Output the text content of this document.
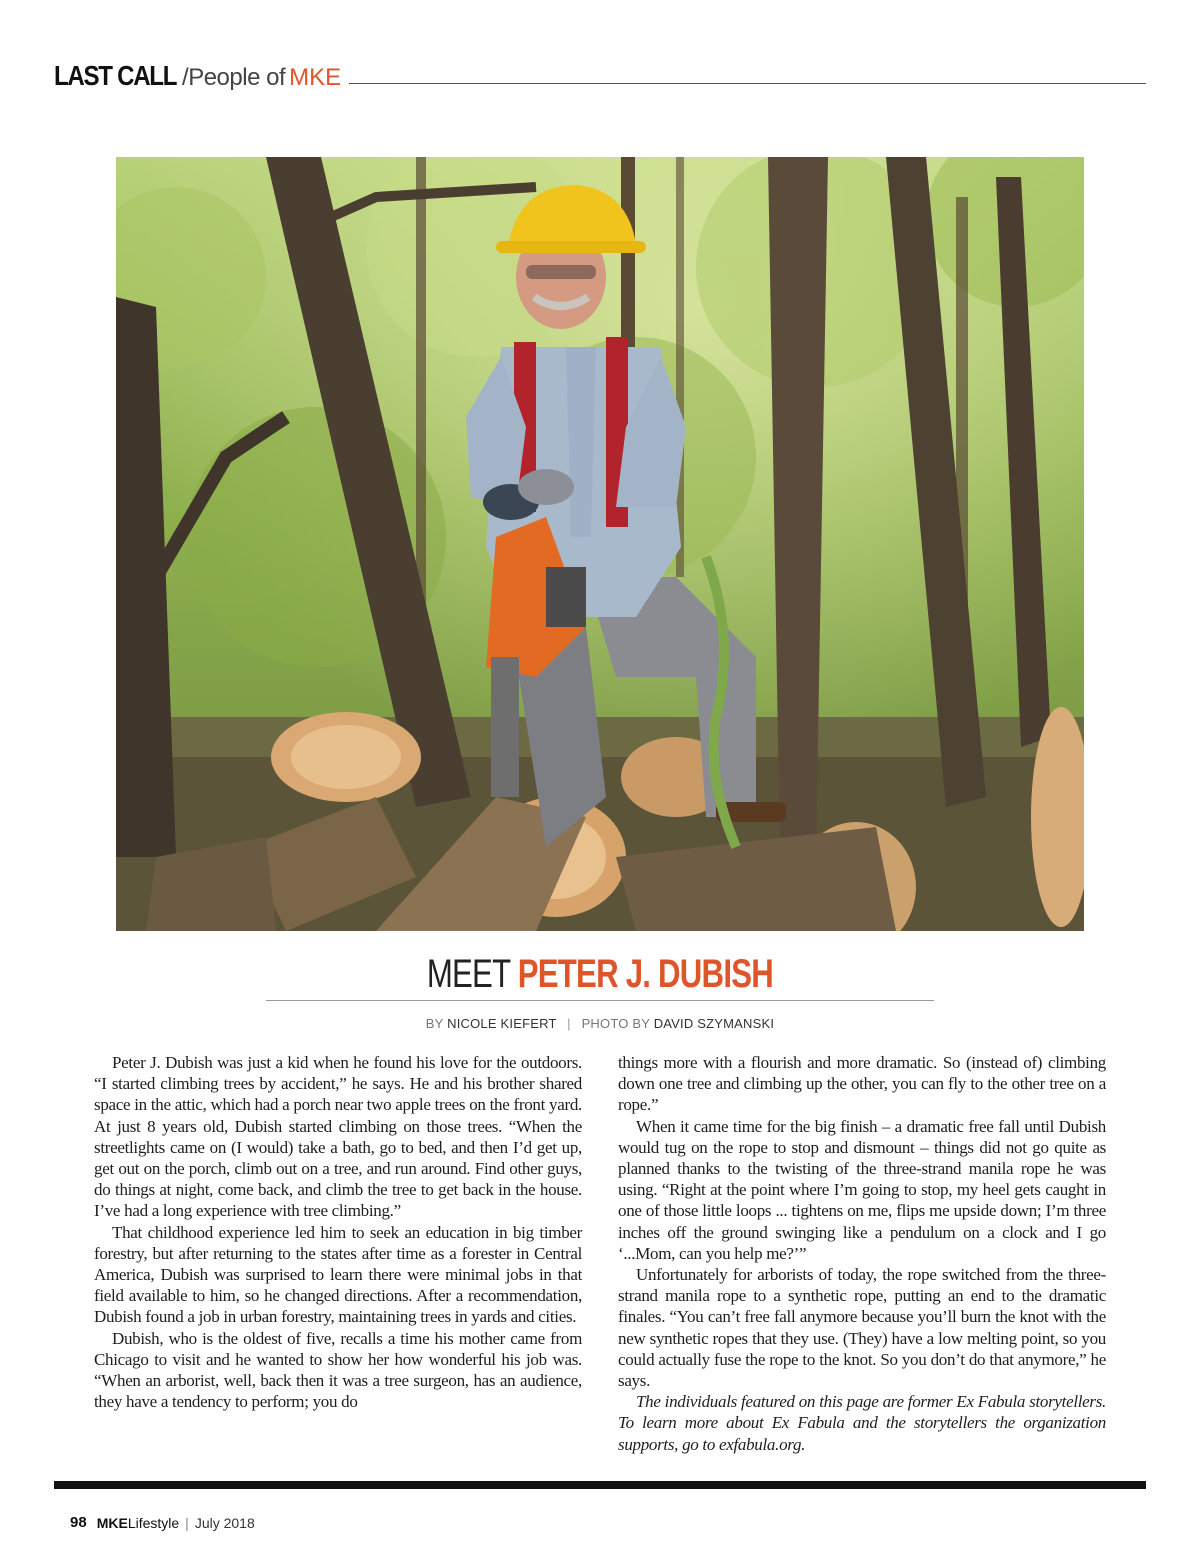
LAST CALL /People of MKE
MEET PETER J. DUBISH
BY NICOLE KIEFERT | PHOTO BY DAVID SZYMANSKI

Peter J. Dubish was just a kid when he found his love for the outdoors. “I started climbing trees by accident,” he says. He and his brother shared space in the attic, which had a porch near two apple trees on the front yard. At just 8 years old, Dubish started climbing on those trees. “When the streetlights came on (I would) take a bath, go to bed, and then I’d get up, get out on the porch, climb out on a tree, and run around. Find other guys, do things at night, come back, and climb the tree to get back in the house. I’ve had a long experience with tree climbing.”

That childhood experience led him to seek an education in big timber forestry, but after returning to the states after time as a forester in Central America, Dubish was surprised to learn there were minimal jobs in that field available to him, so he changed directions. After a recommendation, Dubish found a job in urban forestry, maintaining trees in yards and cities.

Dubish, who is the oldest of five, recalls a time his mother came from Chicago to visit and he wanted to show her how wonderful his job was. “When an arborist, well, back then it was a tree surgeon, has an audience, they have a tendency to perform; you do

things more with a flourish and more dramatic. So (instead of) climbing down one tree and climbing up the other, you can fly to the other tree on a rope.”

When it came time for the big finish – a dramatic free fall until Dubish would tug on the rope to stop and dismount – things did not go quite as planned thanks to the twisting of the three-strand manila rope he was using. “Right at the point where I’m going to stop, my heel gets caught in one of those little loops ... tightens on me, flips me upside down; I’m three inches off the ground swinging like a pendulum on a clock and I go ‘...Mom, can you help me?’”

Unfortunately for arborists of today, the rope switched from the three-strand manila rope to a synthetic rope, putting an end to the dramatic finales. “You can’t free fall anymore because you’ll burn the knot with the new synthetic ropes that they use. (They) have a low melting point, so you could actually fuse the rope to the knot. So you don’t do that anymore,” he says.

The individuals featured on this page are former Ex Fabula storytellers. To learn more about Ex Fabula and the storytellers the organization supports, go to exfabula.org.

98 MKELifestyle | July 2018
